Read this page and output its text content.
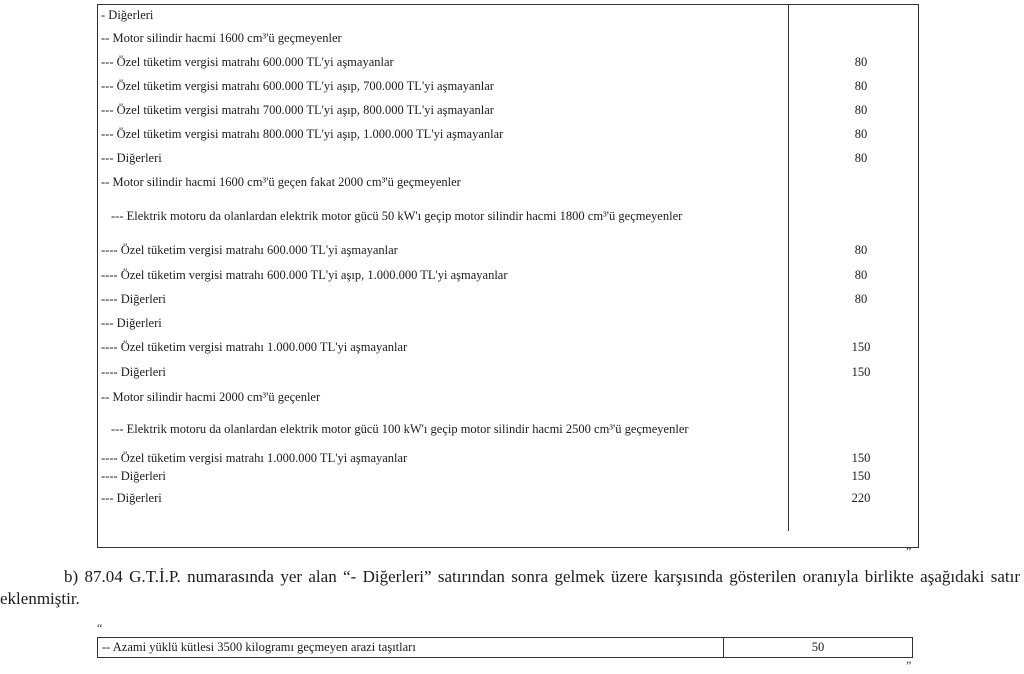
- Diğerleri	
-- Motor silindir hacmi 1600 cm³'ü geçmeyenler	
--- Özel tüketim vergisi matrahı 600.000 TL'yi aşmayanlar	80
--- Özel tüketim vergisi matrahı 600.000 TL'yi aşıp, 700.000 TL'yi aşmayanlar	80
--- Özel tüketim vergisi matrahı 700.000 TL'yi aşıp, 800.000 TL'yi aşmayanlar	80
--- Özel tüketim vergisi matrahı 800.000 TL'yi aşıp, 1.000.000 TL'yi aşmayanlar	80
--- Diğerleri	80
-- Motor silindir hacmi 1600 cm³'ü geçen fakat 2000 cm³'ü geçmeyenler	
--- Elektrik motoru da olanlardan elektrik motor gücü 50 kW'ı geçip motor silindir hacmi 1800 cm³'ü geçmeyenler	
---- Özel tüketim vergisi matrahı 600.000 TL'yi aşmayanlar	80
---- Özel tüketim vergisi matrahı 600.000 TL'yi aşıp, 1.000.000 TL'yi aşmayanlar	80
---- Diğerleri	80
--- Diğerleri	
---- Özel tüketim vergisi matrahı 1.000.000 TL'yi aşmayanlar	150
---- Diğerleri	150
-- Motor silindir hacmi 2000 cm³'ü geçenler	
--- Elektrik motoru da olanlardan elektrik motor gücü 100 kW'ı geçip motor silindir hacmi 2500 cm³'ü geçmeyenler	
---- Özel tüketim vergisi matrahı 1.000.000 TL'yi aşmayanlar	150
---- Diğerleri	150
--- Diğerleri	220

”
b) 87.04 G.T.İ.P. numarasında yer alan “- Diğerleri” satırından sonra gelmek üzere karşısında gösterilen oranıyla birlikte aşağıdaki satır eklenmiştir.
“
-- Azami yüklü kütlesi 3500 kilogramı geçmeyen arazi taşıtları	50
”
